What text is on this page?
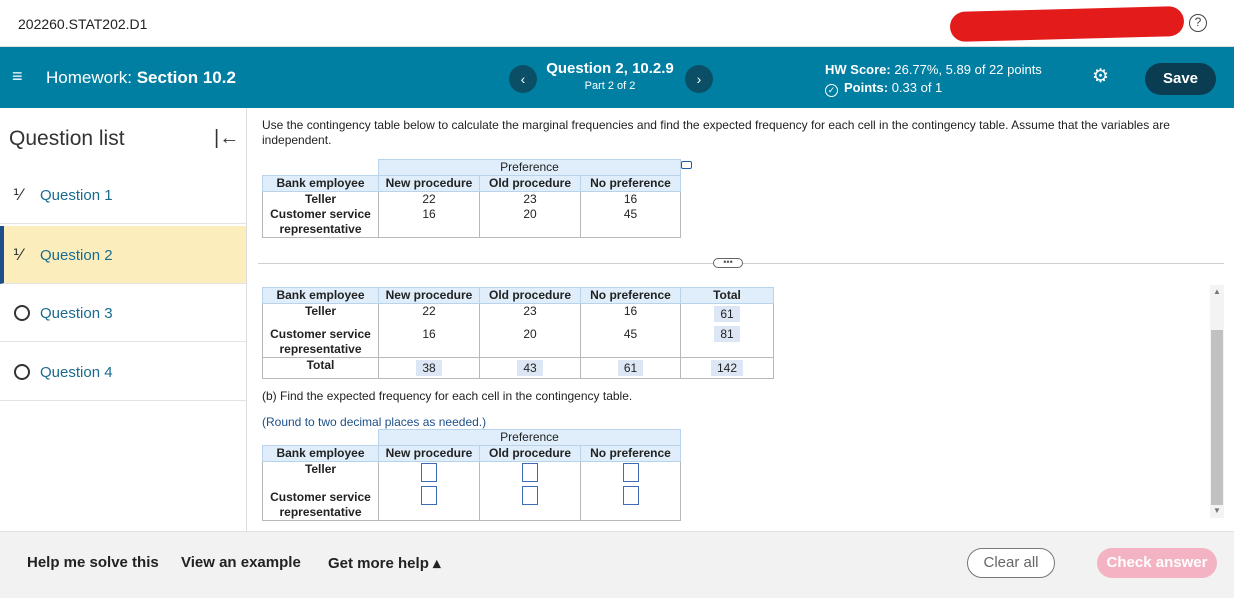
202260.STAT202.D1	?
≡ Homework: Section 10.2	‹
Question 2, 10.2.9
Part 2 of 2	›
HW Score: 26.77%, 5.89 of 22 points
✓ Points: 0.33 of 1
⚙	Save
Question list	|←
⅟ Question 1
⅟ Question 2
Question 3
Question 4
Use the contingency table below to calculate the marginal frequencies and find the expected frequency for each cell in the contingency table. Assume that the variables are independent.
	Preference		
Bank employee	New procedure	Old procedure	No preference
Teller	22	23	16
Customer service
representative	16	20	45
•••
Bank employee	New procedure	Old procedure	No preference	Total
Teller	22	23	16	61
Customer service
representative	16	20	45	81
Total	38	43	61	142
(b) Find the expected frequency for each cell in the contingency table.
(Round to two decimal places as needed.)
	Preference		
Bank employee	New procedure	Old procedure	No preference
Teller			
Customer service
representative			
▲
▼
Help me solve this View an example Get more help ▴	Clear all	Check answer
